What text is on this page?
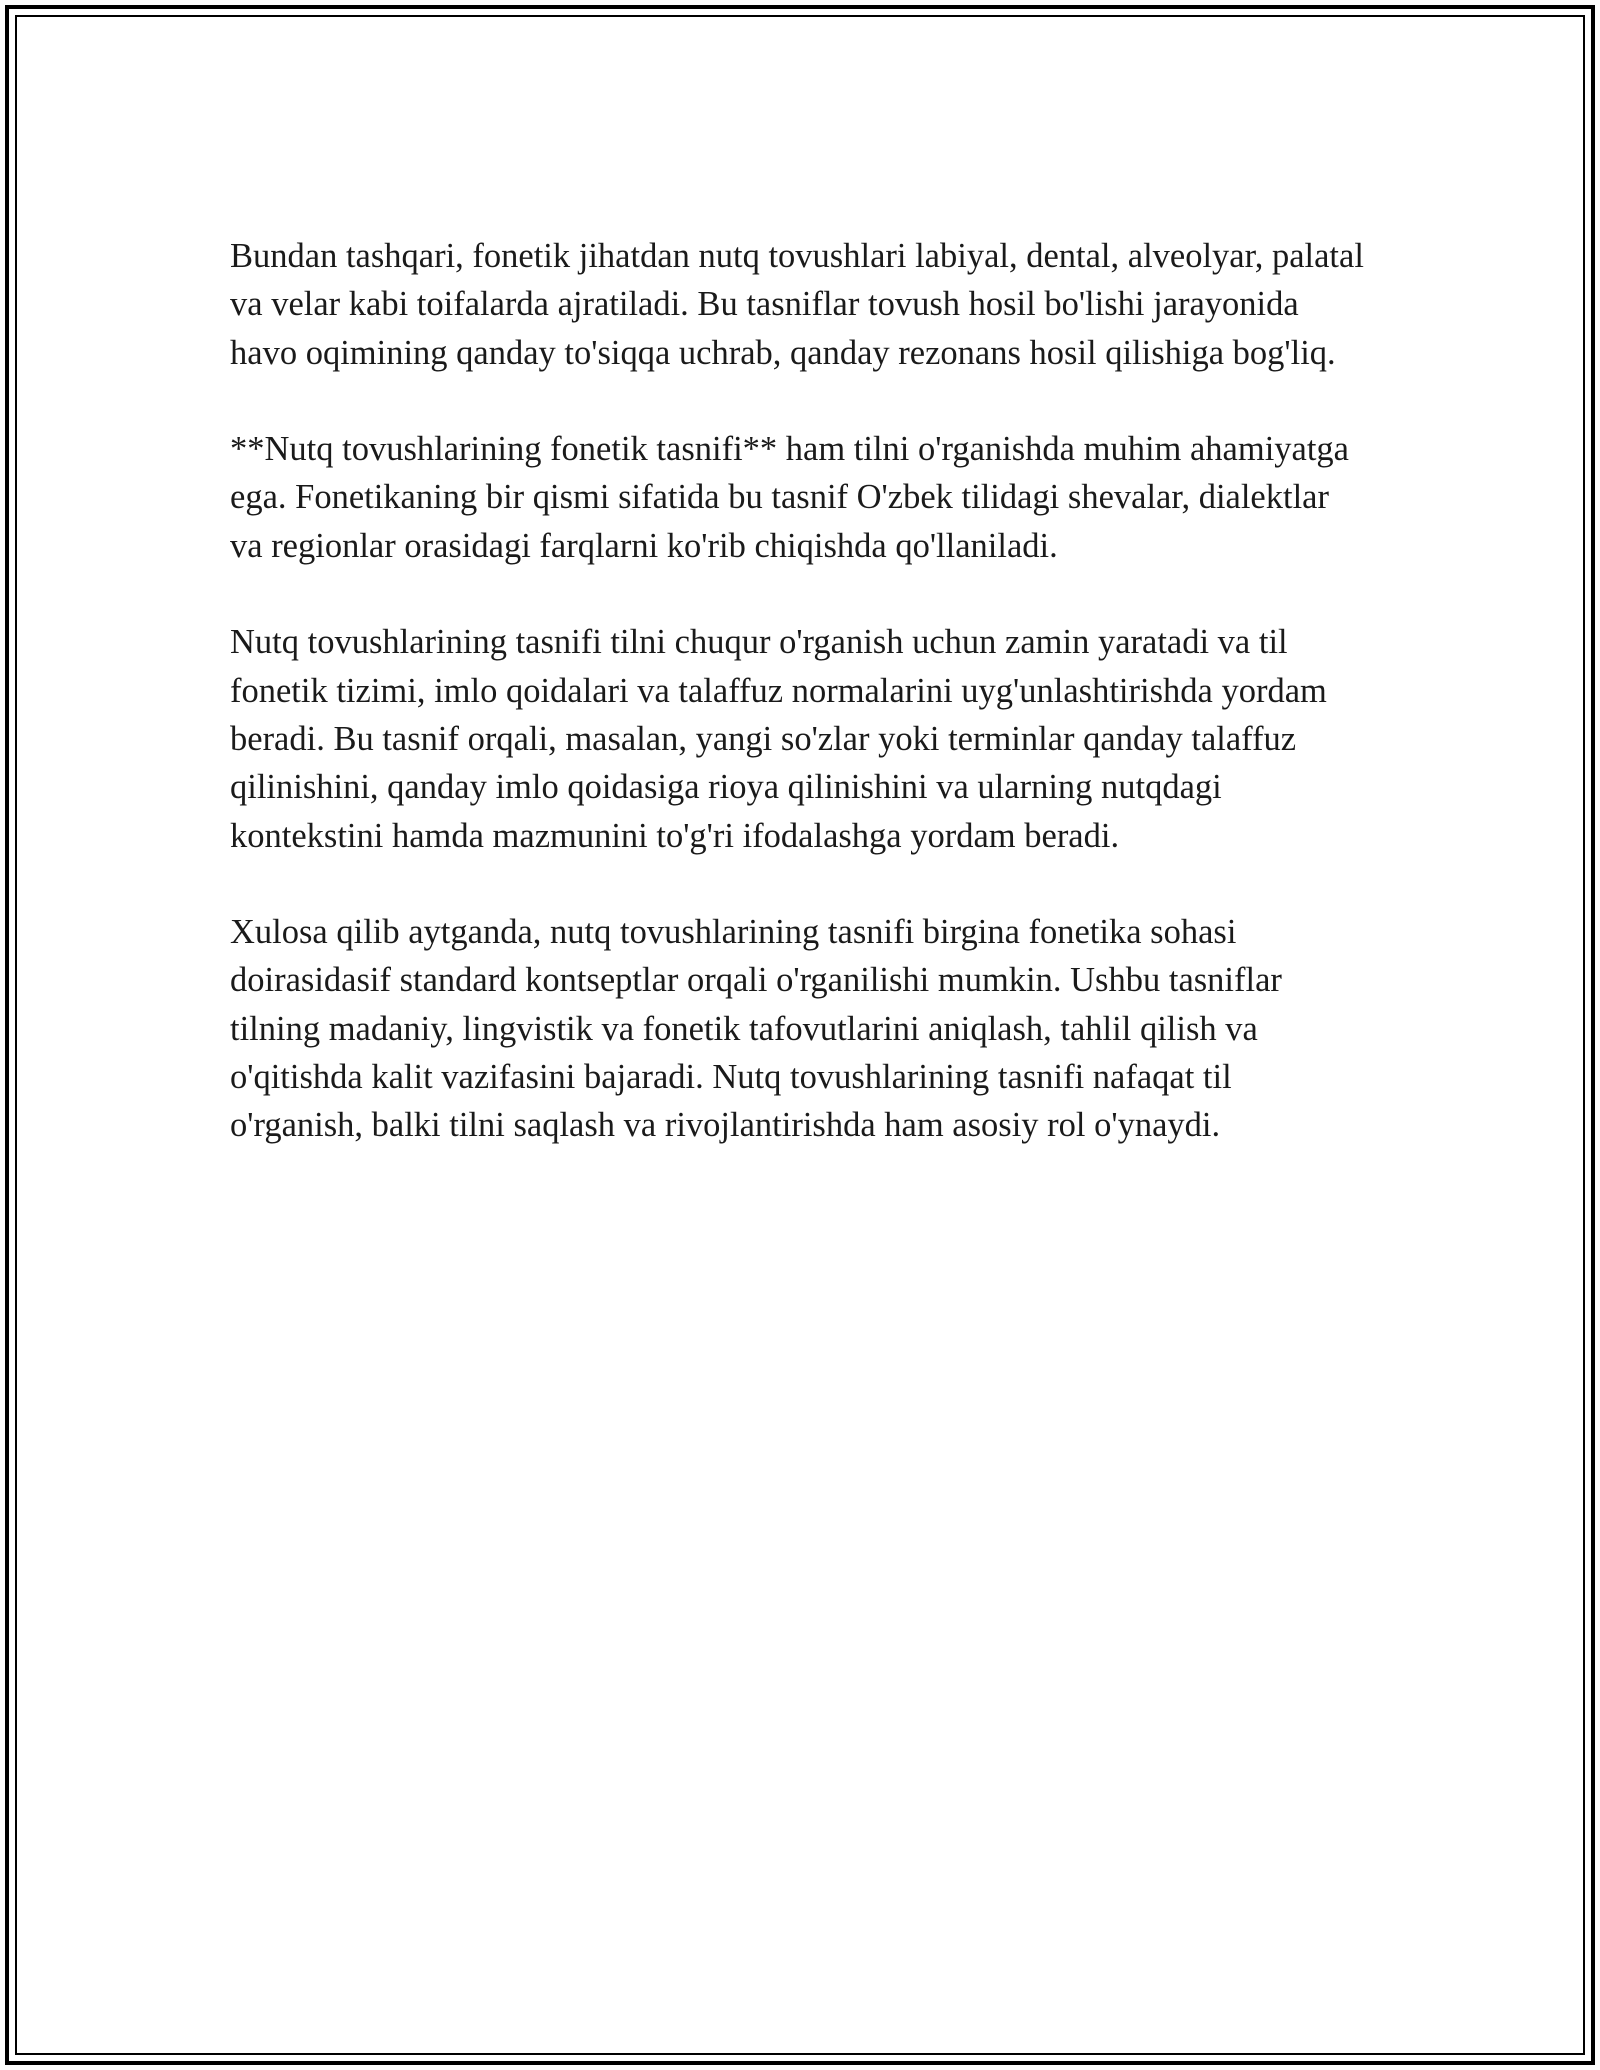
Bundan tashqari, fonetik jihatdan nutq tovushlari labiyal, dental, alveolyar, palatal va velar kabi toifalarda ajratiladi. Bu tasniflar tovush hosil bo'lishi jarayonida havo oqimining qanday to'siqqa uchrab, qanday rezonans hosil qilishiga bog'liq.

**Nutq tovushlarining fonetik tasnifi** ham tilni o'rganishda muhim ahamiyatga ega. Fonetikaning bir qismi sifatida bu tasnif O'zbek tilidagi shevalar, dialektlar va regionlar orasidagi farqlarni ko'rib chiqishda qo'llaniladi.

Nutq tovushlarining tasnifi tilni chuqur o'rganish uchun zamin yaratadi va til fonetik tizimi, imlo qoidalari va talaffuz normalarini uyg'unlashtirishda yordam beradi. Bu tasnif orqali, masalan, yangi so'zlar yoki terminlar qanday talaffuz qilinishini, qanday imlo qoidasiga rioya qilinishini va ularning nutqdagi kontekstini hamda mazmunini to'g'ri ifodalashga yordam beradi.

Xulosa qilib aytganda, nutq tovushlarining tasnifi birgina fonetika sohasi doirasidasif standard kontseptlar orqali o'rganilishi mumkin. Ushbu tasniflar tilning madaniy, lingvistik va fonetik tafovutlarini aniqlash, tahlil qilish va o'qitishda kalit vazifasini bajaradi. Nutq tovushlarining tasnifi nafaqat til o'rganish, balki tilni saqlash va rivojlantirishda ham asosiy rol o'ynaydi.
